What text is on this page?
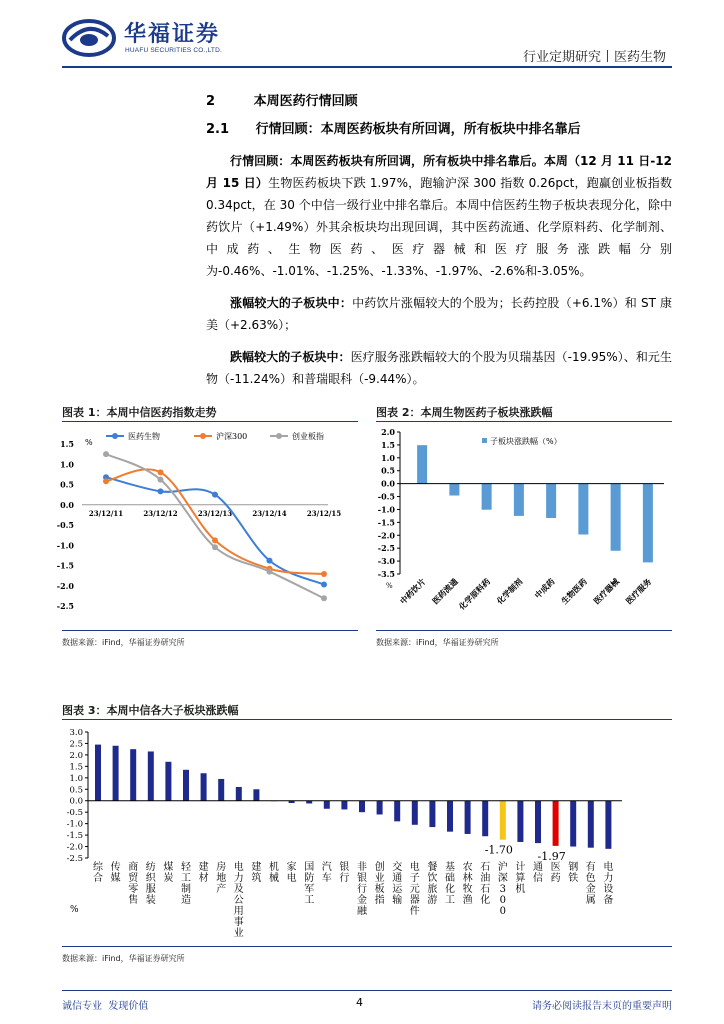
华福证券
HUAFU SECURITIES CO.,LTD.	行业定期研究丨医药生物
2	本周医药行情回顾
2.1 行情回顾：本周医药板块有所回调，所有板块中排名靠后
行情回顾：本周医药板块有所回调，所有板块中排名靠后。本周（12 月 11 日-12 月 15 日）生物医药板块下跌 1.97%，跑输沪深 300 指数 0.26pct，跑赢创业板指数 0.34pct，在 30 个中信一级行业中排名靠后。本周中信医药生物子板块表现分化，除中药饮片（+1.49%）外其余板块均出现回调，其中医药流通、化学原料药、化学制剂、中成药、生物医药、医疗器械和医疗服务涨跌幅分别为-0.46%、-1.01%、-1.25%、-1.33%、-1.97%、-2.6%和-3.05%。
涨幅较大的子板块中：中药饮片涨幅较大的个股为；长药控股（+6.1%）和 ST 康美（+2.63%）；
跌幅较大的子板块中：医疗服务涨跌幅较大的个股为贝瑞基因（-19.95%）、和元生物（-11.24%）和普瑞眼科（-9.44%）。
图表 1：本周中信医药指数走势
1.5
1.0
0.5
0.0
-0.5
-1.0
-1.5
-2.0
-2.5
%
23/12/11	23/12/12	23/12/13	23/12/14	23/12/15
医药生物	沪深300	创业板指
数据来源：iFind，华福证券研究所
图表 2：本周生物医药子板块涨跌幅
2.0
1.5
1.0
0.5
0.0
-0.5
-1.0
-1.5
-2.0
-2.5
-3.0
-3.5
% 中药饮片 医药流通
化学原料药 化学制剂 中成药 生物医药 医疗器械 医疗服务
子板块涨跌幅（%）
数据来源：iFind，华福证券研究所
图表 3：本周中信各大子板块涨跌幅
3.0
2.5
2.0
1.5
1.0
0.5
0.0
-0.5
-1.0
-1.5
-2.0
-2.5
%
综合
传媒
商贸零售
纺织服装
煤炭
轻工制造
建材
房地产
电力及公用事业
建筑
机械
家电
国防军工
汽车
银行
非银行金融
创业板指
交通运输
电子元器件
餐饮旅游
基础化工
农林牧渔
石油石化
-1.70
沪深 3 0 0
计算机
通信
-1.97
医药
钢铁
有色金属
电力设备
数据来源：iFind，华福证券研究所
诚信专业  发现价值	4	请务必阅读报告末页的重要声明
